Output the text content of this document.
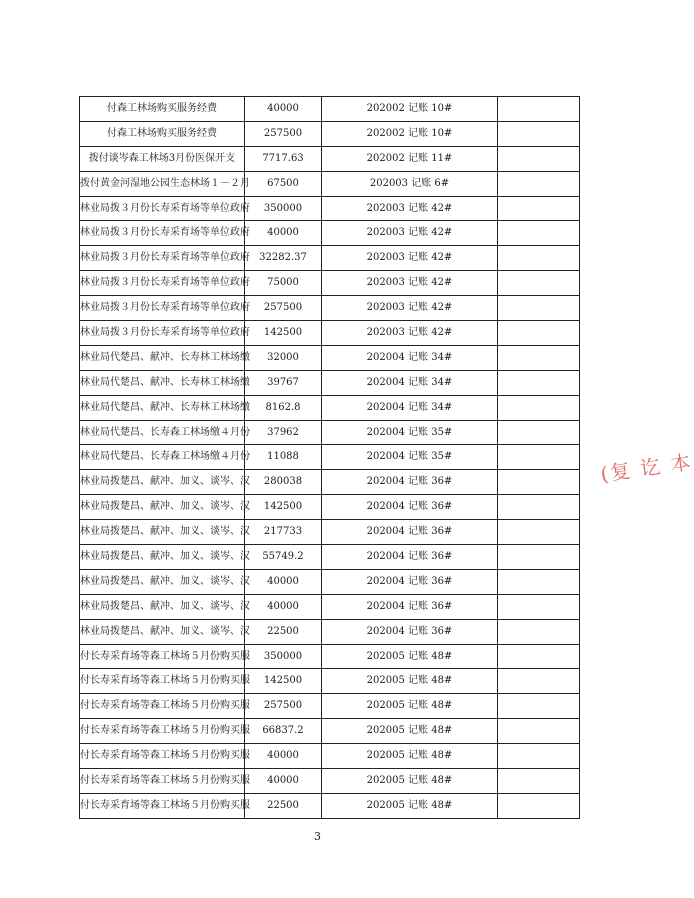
付森工林场购买服务经费	40000	202002 记账 10#	
付森工林场购买服务经费	257500	202002 记账 10#	
拨付谈岑森工林场3月份医保开支	7717.63	202002 记账 11#	
拨付黄金河湿地公园生态林场１－２月	67500	202003 记账 6#	
林业局拨３月份长寿采育场等单位政府	350000	202003 记账 42#	
林业局拨３月份长寿采育场等单位政府	40000	202003 记账 42#	
林业局拨３月份长寿采育场等单位政府	32282.37	202003 记账 42#	
林业局拨３月份长寿采育场等单位政府	75000	202003 记账 42#	
林业局拨３月份长寿采育场等单位政府	257500	202003 记账 42#	
林业局拨３月份长寿采育场等单位政府	142500	202003 记账 42#	
林业局代楚昌、献冲、长寿林工林场缴	32000	202004 记账 34#	
林业局代楚昌、献冲、长寿林工林场缴	39767	202004 记账 34#	
林业局代楚昌、献冲、长寿林工林场缴	8162.8	202004 记账 34#	
林业局代楚昌、长寿森工林场缴４月份	37962	202004 记账 35#	
林业局代楚昌、长寿森工林场缴４月份	11088	202004 记账 35#	
林业局拨楚昌、献冲、加义、谈岑、汉	280038	202004 记账 36#	
林业局拨楚昌、献冲、加义、谈岑、汉	142500	202004 记账 36#	
林业局拨楚昌、献冲、加义、谈岑、汉	217733	202004 记账 36#	
林业局拨楚昌、献冲、加义、谈岑、汉	55749.2	202004 记账 36#	
林业局拨楚昌、献冲、加义、谈岑、汉	40000	202004 记账 36#	
林业局拨楚昌、献冲、加义、谈岑、汉	40000	202004 记账 36#	
林业局拨楚昌、献冲、加义、谈岑、汉	22500	202004 记账 36#	
付长寿采育场等森工林场５月份购买服	350000	202005 记账 48#	
付长寿采育场等森工林场５月份购买服	142500	202005 记账 48#	
付长寿采育场等森工林场５月份购买服	257500	202005 记账 48#	
付长寿采育场等森工林场５月份购买服	66837.2	202005 记账 48#	
付长寿采育场等森工林场５月份购买服	40000	202005 记账 48#	
付长寿采育场等森工林场５月份购买服	40000	202005 记账 48#	
付长寿采育场等森工林场５月份购买服	22500	202005 记账 48#	
3
(复 讫 本
